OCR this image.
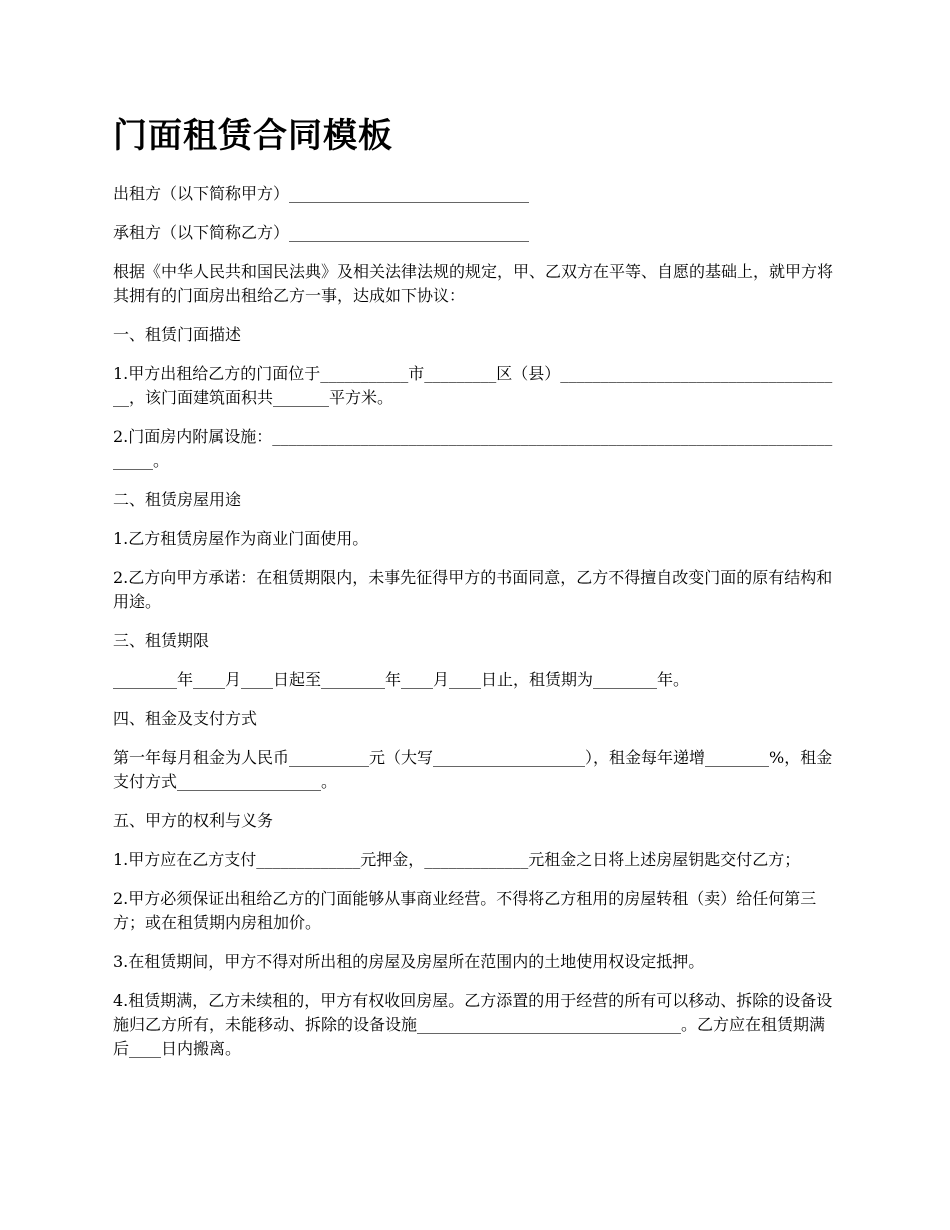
门面租赁合同模板

出租方（以下简称甲方）______________________________

承租方（以下简称乙方）______________________________

根据《中华人民共和国民法典》及相关法律法规的规定，甲、乙双方在平等、自愿的基础上，就甲方将其拥有的门面房出租给乙方一事，达成如下协议：

一、租赁门面描述

1.甲方出租给乙方的门面位于___________市_________区（县）____________________________________，该门面建筑面积共_______平方米。

2.门面房内附属设施：___________________________________________________________________________。

二、租赁房屋用途

1.乙方租赁房屋作为商业门面使用。

2.乙方向甲方承诺：在租赁期限内，未事先征得甲方的书面同意，乙方不得擅自改变门面的原有结构和用途。

三、租赁期限

________年____月____日起至________年____月____日止，租赁期为________年。

四、租金及支付方式

第一年每月租金为人民币__________元（大写___________________），租金每年递增________%，租金支付方式__________________。

五、甲方的权利与义务

1.甲方应在乙方支付_____________元押金，_____________元租金之日将上述房屋钥匙交付乙方；

2.甲方必须保证出租给乙方的门面能够从事商业经营。不得将乙方租用的房屋转租（卖）给任何第三方；或在租赁期内房租加价。

3.在租赁期间，甲方不得对所出租的房屋及房屋所在范围内的土地使用权设定抵押。

4.租赁期满，乙方未续租的，甲方有权收回房屋。乙方添置的用于经营的所有可以移动、拆除的设备设施归乙方所有，未能移动、拆除的设备设施_________________________________。乙方应在租赁期满后____日内搬离。
